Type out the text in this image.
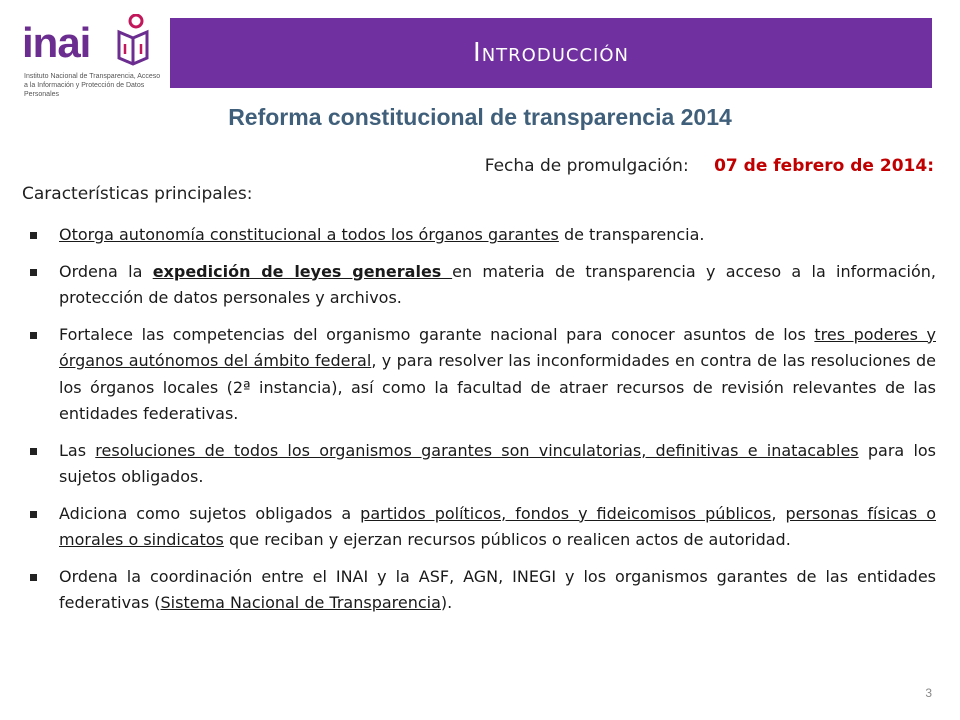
inai
Instituto Nacional de Transparencia, Acceso a la Información y Protección de Datos Personales
Introducción
Reforma constitucional de transparencia 2014
Fecha de promulgación: 07 de febrero de 2014:
Características principales:
Otorga autonomía constitucional a todos los órganos garantes de transparencia.
Ordena la expedición de leyes generales en materia de transparencia y acceso a la información, protección de datos personales y archivos.
Fortalece las competencias del organismo garante nacional para conocer asuntos de los tres poderes y órganos autónomos del ámbito federal, y para resolver las inconformidades en contra de las resoluciones de los órganos locales (2ª instancia), así como la facultad de atraer recursos de revisión relevantes de las entidades federativas.
Las resoluciones de todos los organismos garantes son vinculatorias, definitivas e inatacables para los sujetos obligados.
Adiciona como sujetos obligados a partidos políticos, fondos y fideicomisos públicos, personas físicas o morales o sindicatos que reciban y ejerzan recursos públicos o realicen actos de autoridad.
Ordena la coordinación entre el INAI y la ASF, AGN, INEGI y los organismos garantes de las entidades federativas (Sistema Nacional de Transparencia).
3
